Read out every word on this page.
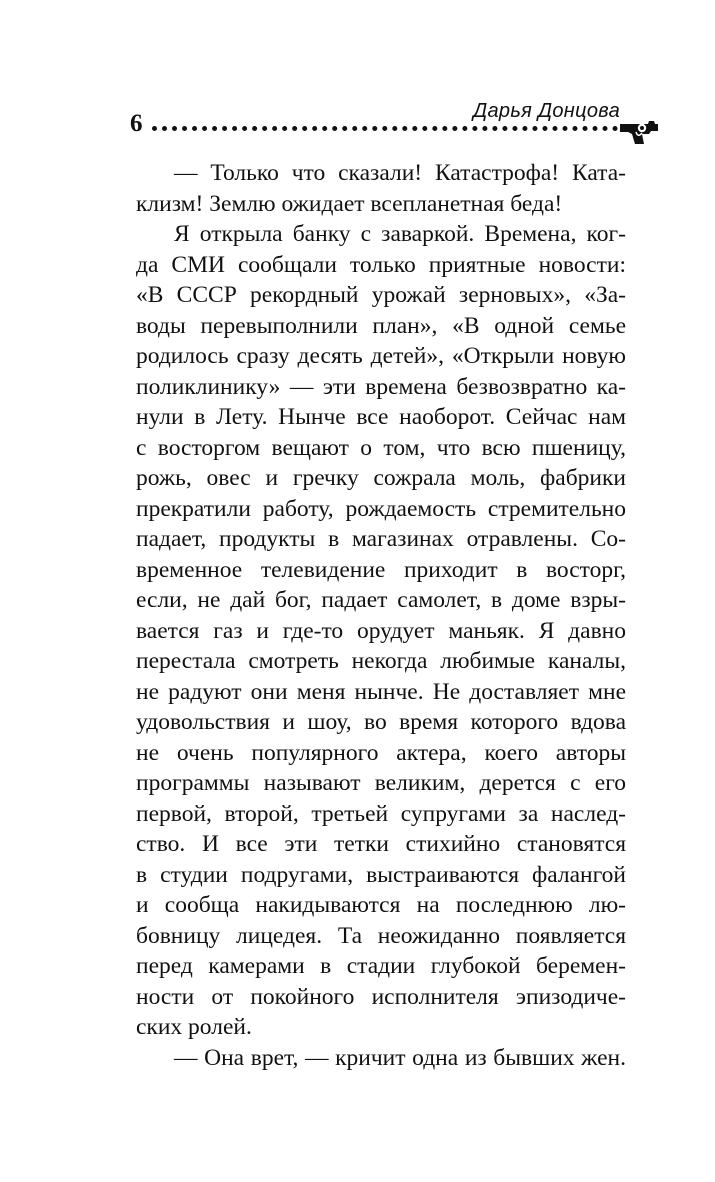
Дарья Донцова
6

— Только что сказали! Катастрофа! Ката-
клизм! Землю ожидает всепланетная беда!

Я открыла банку с заваркой. Времена, ког-
да СМИ сообщали только приятные новости:
«В СССР рекордный урожай зерновых», «За-
воды перевыполнили план», «В одной семье
родилось сразу десять детей», «Открыли новую
поликлинику» — эти времена безвозвратно ка-
нули в Лету. Нынче все наоборот. Сейчас нам
с восторгом вещают о том, что всю пшеницу,
рожь, овес и гречку сожрала моль, фабрики
прекратили работу, рождаемость стремительно
падает, продукты в магазинах отравлены. Со-
временное телевидение приходит в восторг,
если, не дай бог, падает самолет, в доме взры-
вается газ и где-то орудует маньяк. Я давно
перестала смотреть некогда любимые каналы,
не радуют они меня нынче. Не доставляет мне
удовольствия и шоу, во время которого вдова
не очень популярного актера, коего авторы
программы называют великим, дерется с его
первой, второй, третьей супругами за наслед-
ство. И все эти тетки стихийно становятся
в студии подругами, выстраиваются фалангой
и сообща накидываются на последнюю лю-
бовницу лицедея. Та неожиданно появляется
перед камерами в стадии глубокой беремен-
ности от покойного исполнителя эпизодиче-
ских ролей.

— Она врет, — кричит одна из бывших жен.
